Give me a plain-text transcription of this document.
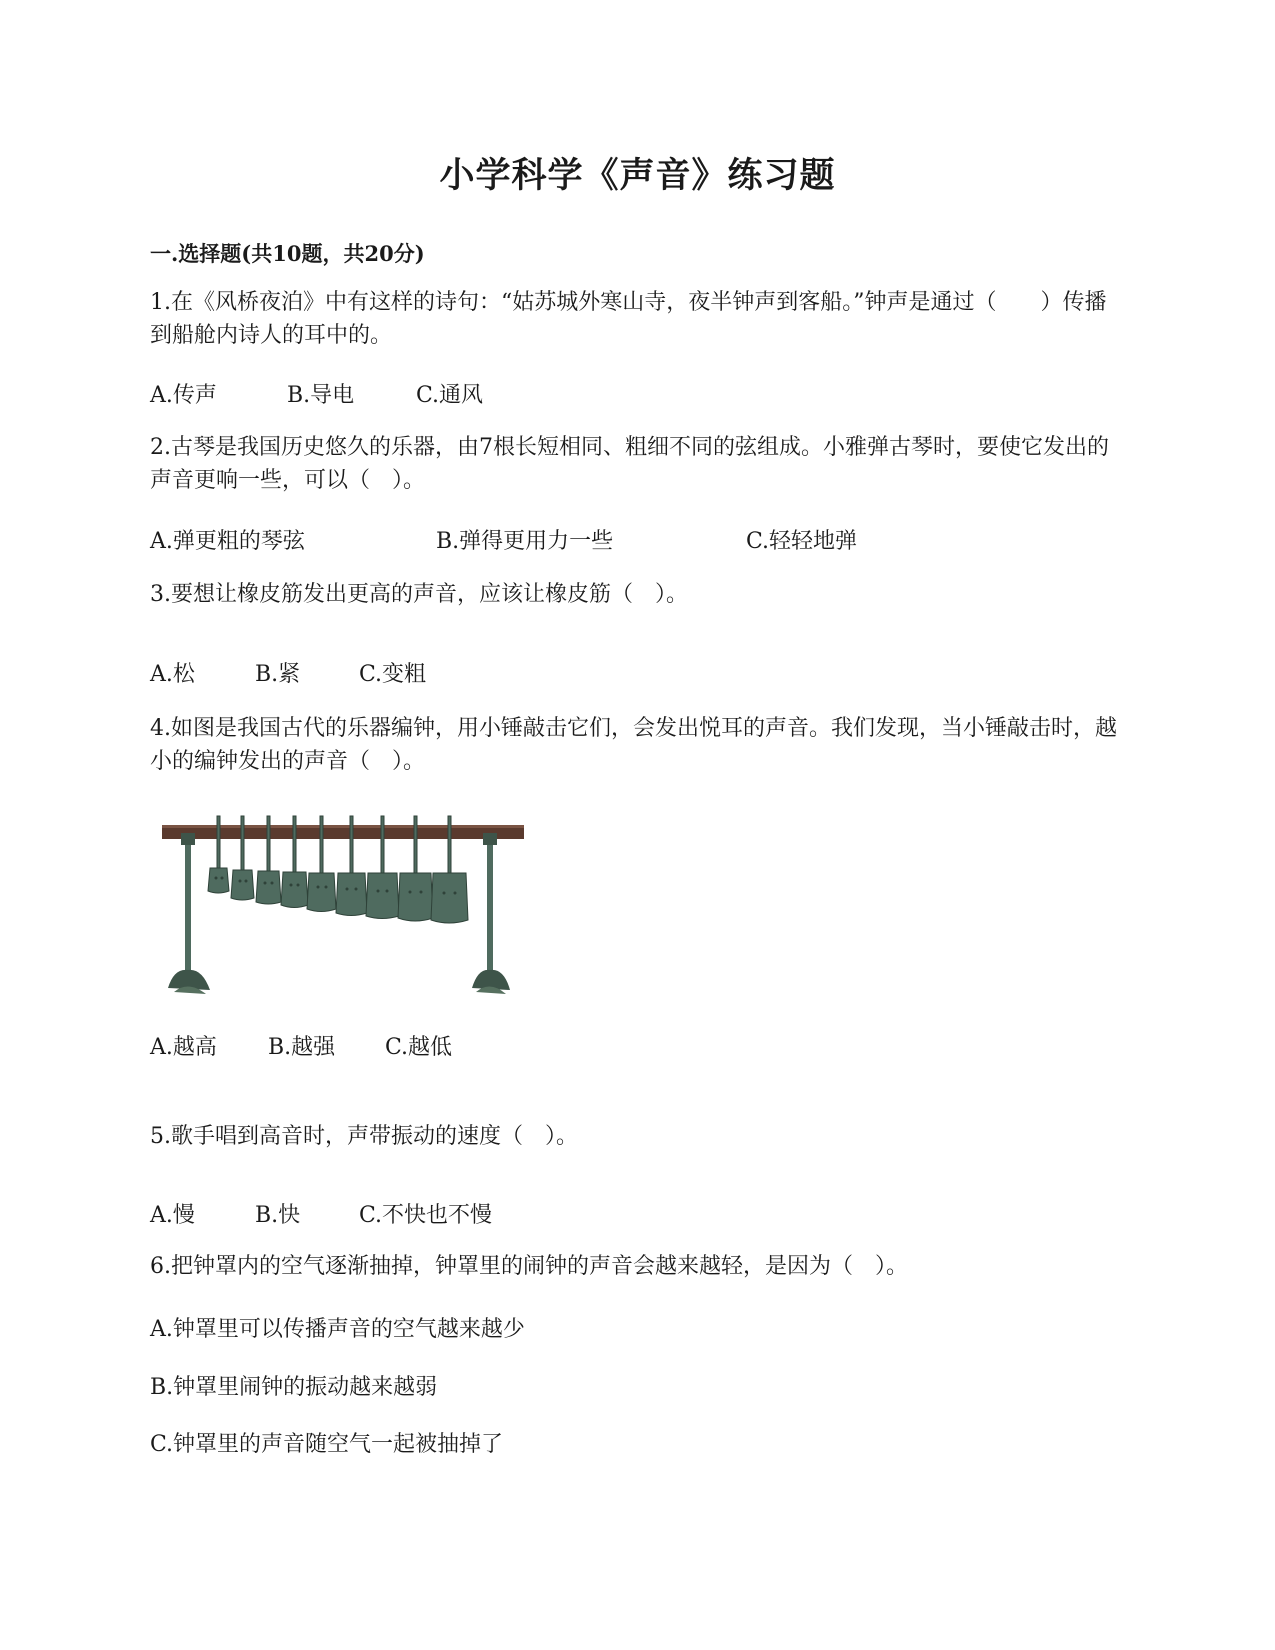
小学科学《声音》练习题
一.选择题(共10题，共20分)
1.在《风桥夜泊》中有这样的诗句：“姑苏城外寒山寺，夜半钟声到客船。”钟声是通过（　　）传播到船舱内诗人的耳中的。
A.传声	B.导电	C.通风
2.古琴是我国历史悠久的乐器，由7根长短相同、粗细不同的弦组成。小雅弹古琴时，要使它发出的声音更响一些，可以（　）。
A.弹更粗的琴弦	B.弹得更用力一些	C.轻轻地弹
3.要想让橡皮筋发出更高的声音，应该让橡皮筋（　）。
A.松	B.紧	C.变粗
4.如图是我国古代的乐器编钟，用小锤敲击它们，会发出悦耳的声音。我们发现，当小锤敲击时，越小的编钟发出的声音（　）。
A.越高 B.越强 C.越低
5.歌手唱到高音时，声带振动的速度（　）。
A.慢	B.快	C.不快也不慢
6.把钟罩内的空气逐渐抽掉，钟罩里的闹钟的声音会越来越轻，是因为（　）。
A.钟罩里可以传播声音的空气越来越少
B.钟罩里闹钟的振动越来越弱
C.钟罩里的声音随空气一起被抽掉了
